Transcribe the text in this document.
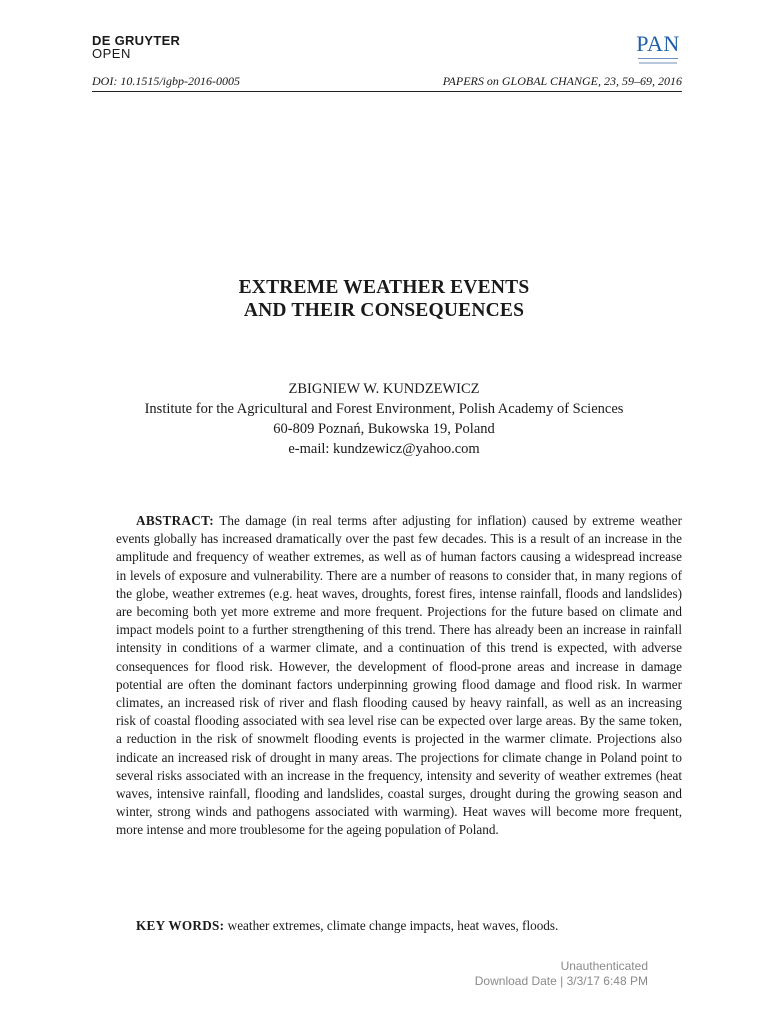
DE GRUYTER
OPEN	PAN
DOI: 10.1515/igbp-2016-0005	PAPERS on GLOBAL CHANGE, 23, 59–69, 2016
EXTREME WEATHER EVENTS
AND THEIR CONSEQUENCES
ZBIGNIEW W. KUNDZEWICZ
Institute for the Agricultural and Forest Environment, Polish Academy of Sciences
60-809 Poznań, Bukowska 19, Poland
e-mail: kundzewicz@yahoo.com

ABSTRACT: The damage (in real terms after adjusting for inflation) caused by extreme weather events globally has increased dramatically over the past few decades. This is a result of an increase in the amplitude and frequency of weather extremes, as well as of human factors causing a widespread increase in levels of exposure and vulnerability. There are a number of reasons to consider that, in many regions of the globe, weather extremes (e.g. heat waves, droughts, forest fires, intense rainfall, floods and landslides) are becoming both yet more extreme and more frequent. Projections for the future based on climate and impact models point to a further strengthening of this trend. There has already been an increase in rainfall intensity in conditions of a warmer climate, and a continuation of this trend is expected, with adverse consequences for flood risk. However, the development of flood-prone areas and increase in damage potential are often the dominant factors underpinning growing flood damage and flood risk. In warmer climates, an increased risk of river and flash flooding caused by heavy rainfall, as well as an increasing risk of coastal flooding associated with sea level rise can be expected over large areas. By the same token, a reduction in the risk of snowmelt flooding events is projected in the warmer climate. Projections also indicate an increased risk of drought in many areas. The projections for climate change in Poland point to several risks associated with an increase in the frequency, intensity and severity of weather extremes (heat waves, intensive rainfall, flooding and landslides, coastal surges, drought during the growing season and winter, strong winds and pathogens associated with warming). Heat waves will become more frequent, more intense and more troublesome for the ageing population of Poland.

KEY WORDS: weather extremes, climate change impacts, heat waves, floods.
Unauthenticated
Download Date | 3/3/17 6:48 PM
